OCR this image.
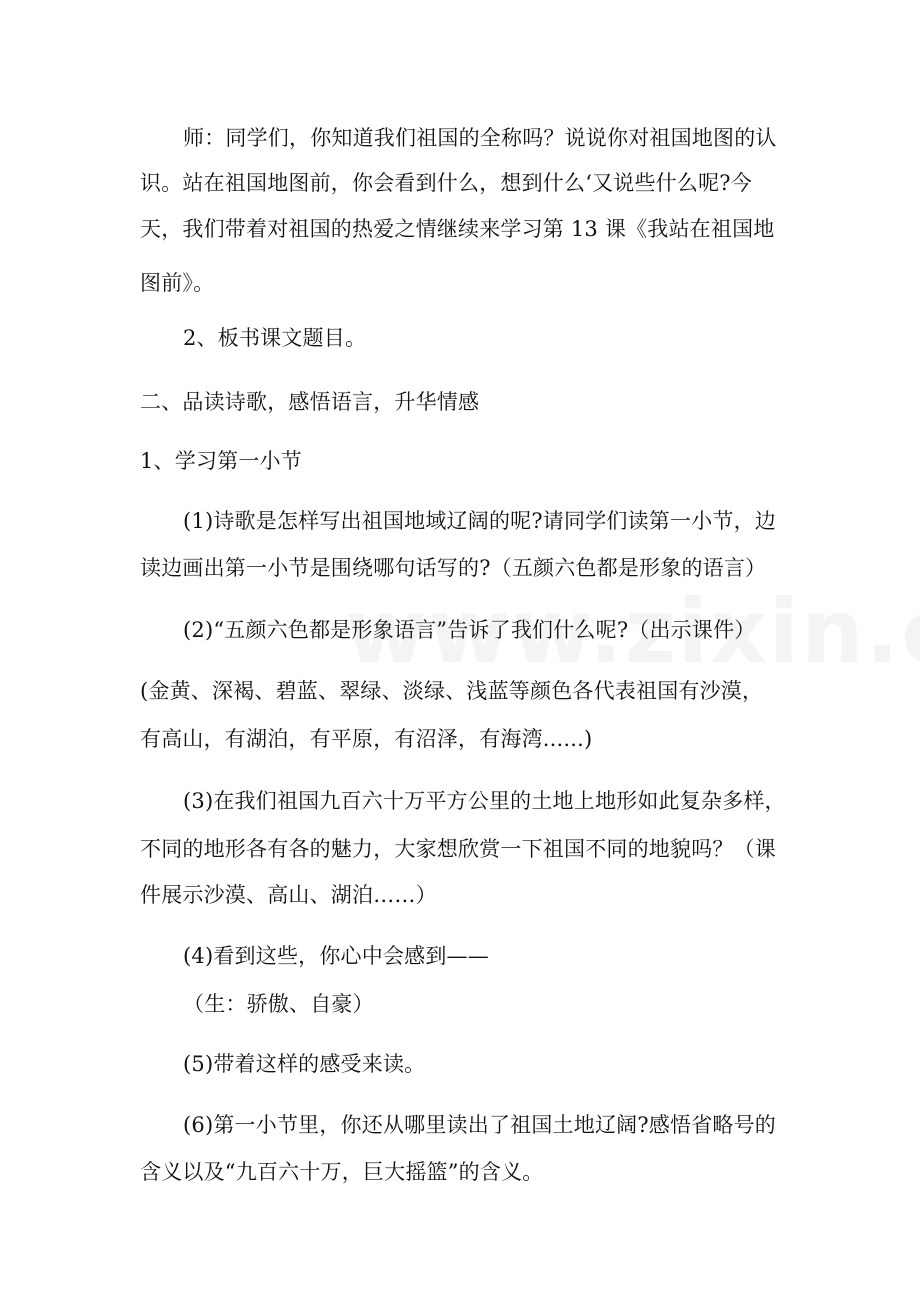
师：同学们，你知道我们祖国的全称吗？说说你对祖国地图的认
识。站在祖国地图前，你会看到什么，想到什么‘又说些什么呢?今
天，我们带着对祖国的热爱之情继续来学习第 13 课《我站在祖国地
图前》。
2、板书课文题目。
二、品读诗歌，感悟语言，升华情感
1、学习第一小节
(1)诗歌是怎样写出祖国地域辽阔的呢?请同学们读第一小节，边
读边画出第一小节是围绕哪句话写的?（五颜六色都是形象的语言）
(2)“五颜六色都是形象语言”告诉了我们什么呢?（出示课件）
(金黄、深褐、碧蓝、翠绿、淡绿、浅蓝等颜色各代表祖国有沙漠，
有高山，有湖泊，有平原，有沼泽，有海湾......)
(3)在我们祖国九百六十万平方公里的土地上地形如此复杂多样，
不同的地形各有各的魅力，大家想欣赏一下祖国不同的地貌吗？（课
件展示沙漠、高山、湖泊……）
(4)看到这些，你心中会感到——
（生：骄傲、自豪）
(5)带着这样的感受来读。
(6)第一小节里，你还从哪里读出了祖国土地辽阔?感悟省略号的
含义以及“九百六十万，巨大摇篮”的含义。
